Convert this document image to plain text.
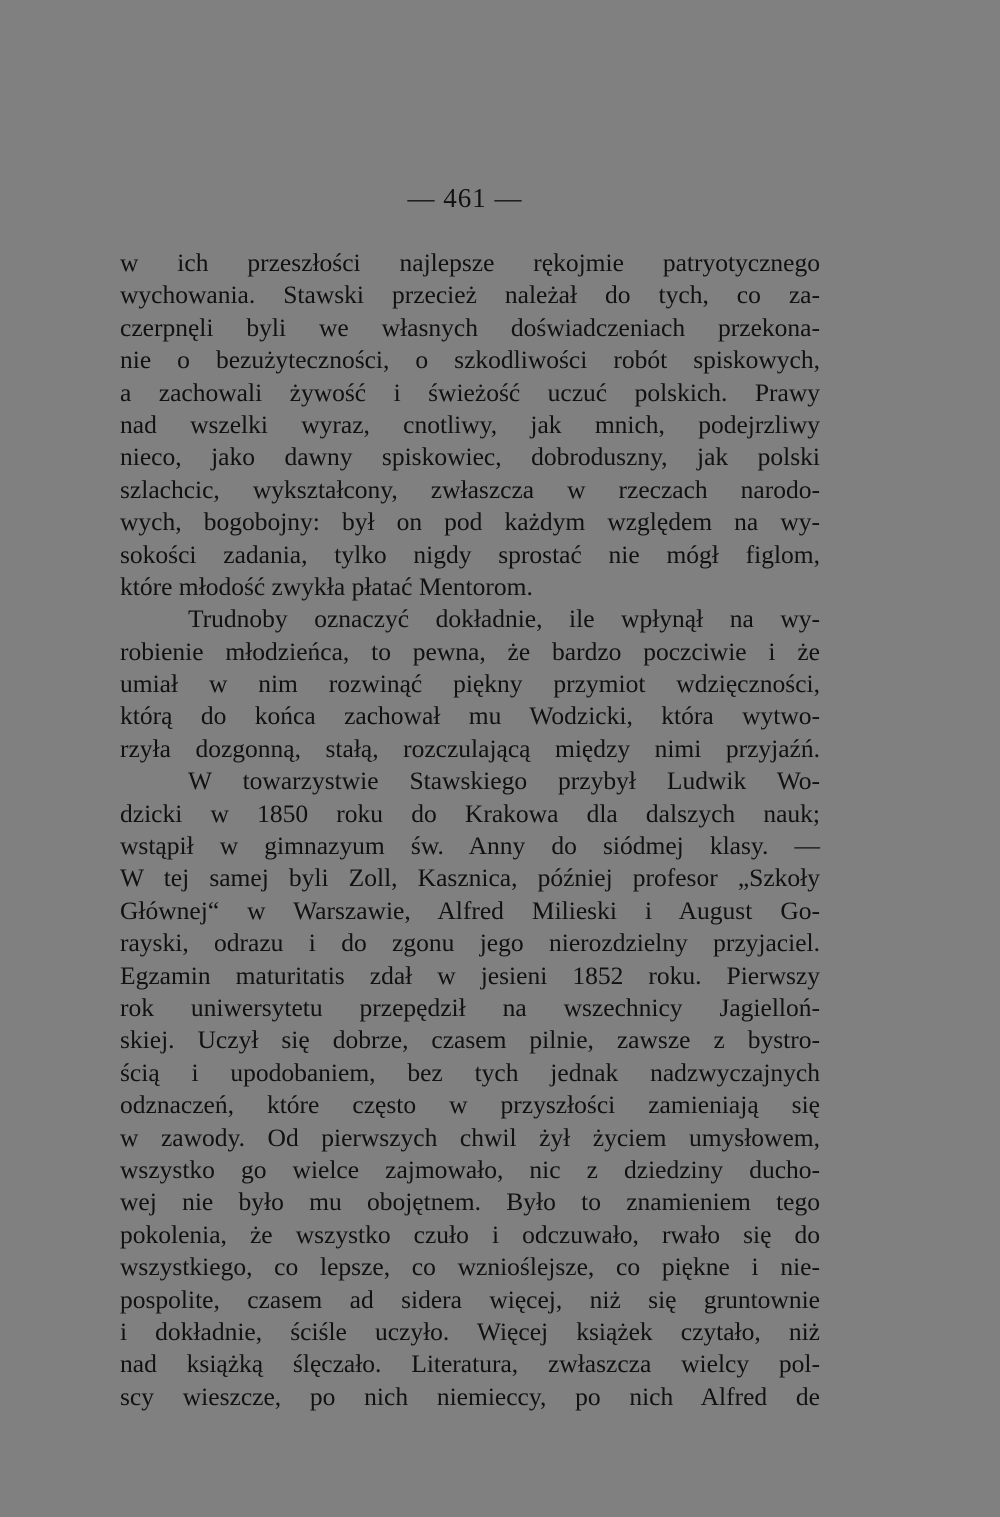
— 461 —
w ich przeszłości najlepsze rękojmie patryotycznego
wychowania. Stawski przecież należał do tych, co za-
czerpnęli byli we własnych doświadczeniach przekona-
nie o bezużyteczności, o szkodliwości robót spiskowych,
a zachowali żywość i świeżość uczuć polskich. Prawy
nad wszelki wyraz, cnotliwy, jak mnich, podejrzliwy
nieco, jako dawny spiskowiec, dobroduszny, jak polski
szlachcic, wykształcony, zwłaszcza w rzeczach narodo-
wych, bogobojny: był on pod każdym względem na wy-
sokości zadania, tylko nigdy sprostać nie mógł figlom,
które młodość zwykła płatać Mentorom.
Trudnoby oznaczyć dokładnie, ile wpłynął na wy-
robienie młodzieńca, to pewna, że bardzo poczciwie i że
umiał w nim rozwinąć piękny przymiot wdzięczności,
którą do końca zachował mu Wodzicki, która wytwo-
rzyła dozgonną, stałą, rozczulającą między nimi przyjaźń.
W towarzystwie Stawskiego przybył Ludwik Wo-
dzicki w 1850 roku do Krakowa dla dalszych nauk;
wstąpił w gimnazyum św. Anny do siódmej klasy. —
W tej samej byli Zoll, Kasznica, później profesor „Szkoły
Głównej“ w Warszawie, Alfred Milieski i August Go-
rayski, odrazu i do zgonu jego nierozdzielny przyjaciel.
Egzamin maturitatis zdał w jesieni 1852 roku. Pierwszy
rok uniwersytetu przepędził na wszechnicy Jagielloń-
skiej. Uczył się dobrze, czasem pilnie, zawsze z bystro-
ścią i upodobaniem, bez tych jednak nadzwyczajnych
odznaczeń, które często w przyszłości zamieniają się
w zawody. Od pierwszych chwil żył życiem umysłowem,
wszystko go wielce zajmowało, nic z dziedziny ducho-
wej nie było mu obojętnem. Było to znamieniem tego
pokolenia, że wszystko czuło i odczuwało, rwało się do
wszystkiego, co lepsze, co wznioślejsze, co piękne i nie-
pospolite, czasem ad sidera więcej, niż się gruntownie
i dokładnie, ściśle uczyło. Więcej książek czytało, niż
nad książką ślęczało. Literatura, zwłaszcza wielcy pol-
scy wieszcze, po nich niemieccy, po nich Alfred de
